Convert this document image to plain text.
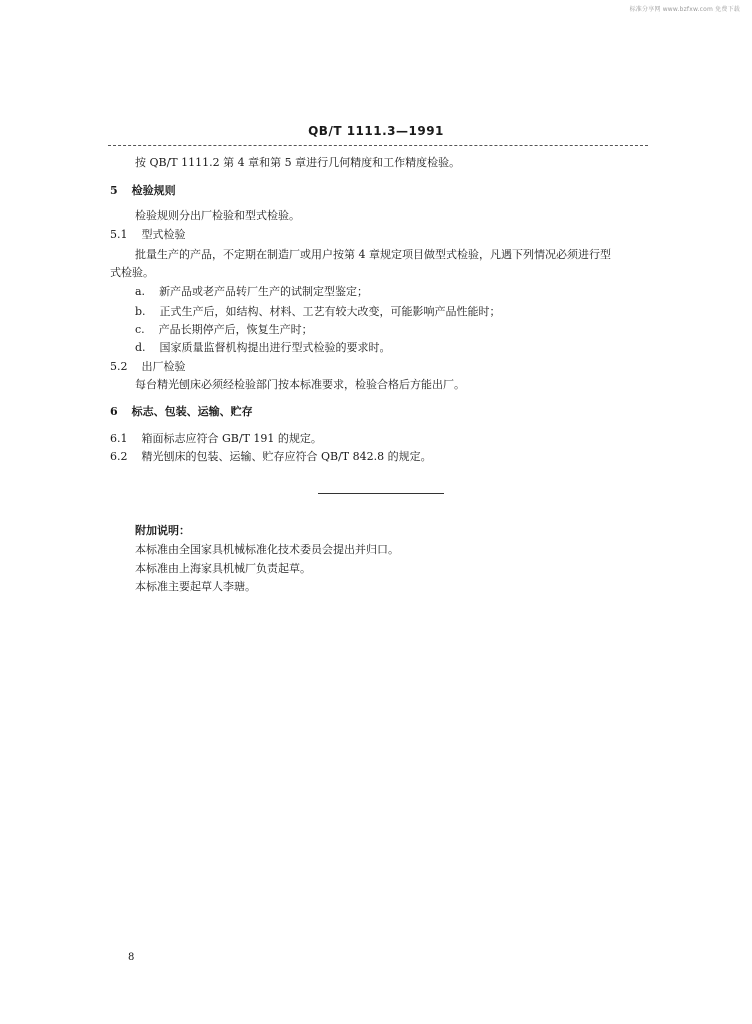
标准分享网 www.bzfxw.com 免费下载
QB/T 1111.3—1991
按 QB/T 1111.2 第 4 章和第 5 章进行几何精度和工作精度检验。
5 检验规则
检验规则分出厂检验和型式检验。
5.1 型式检验
批量生产的产品，不定期在制造厂或用户按第 4 章规定项目做型式检验，凡遇下列情况必须进行型
式检验。
a. 新产品或老产品转厂生产的试制定型鉴定；
b. 正式生产后，如结构、材料、工艺有较大改变，可能影响产品性能时；
c. 产品长期停产后，恢复生产时；
d. 国家质量监督机构提出进行型式检验的要求时。
5.2 出厂检验
每台精光刨床必须经检验部门按本标准要求，检验合格后方能出厂。
6 标志、包装、运输、贮存
6.1 箱面标志应符合 GB/T 191 的规定。
6.2 精光刨床的包装、运输、贮存应符合 QB/T 842.8 的规定。
附加说明：
本标准由全国家具机械标准化技术委员会提出并归口。
本标准由上海家具机械厂负责起草。
本标准主要起草人李瑭。
8
